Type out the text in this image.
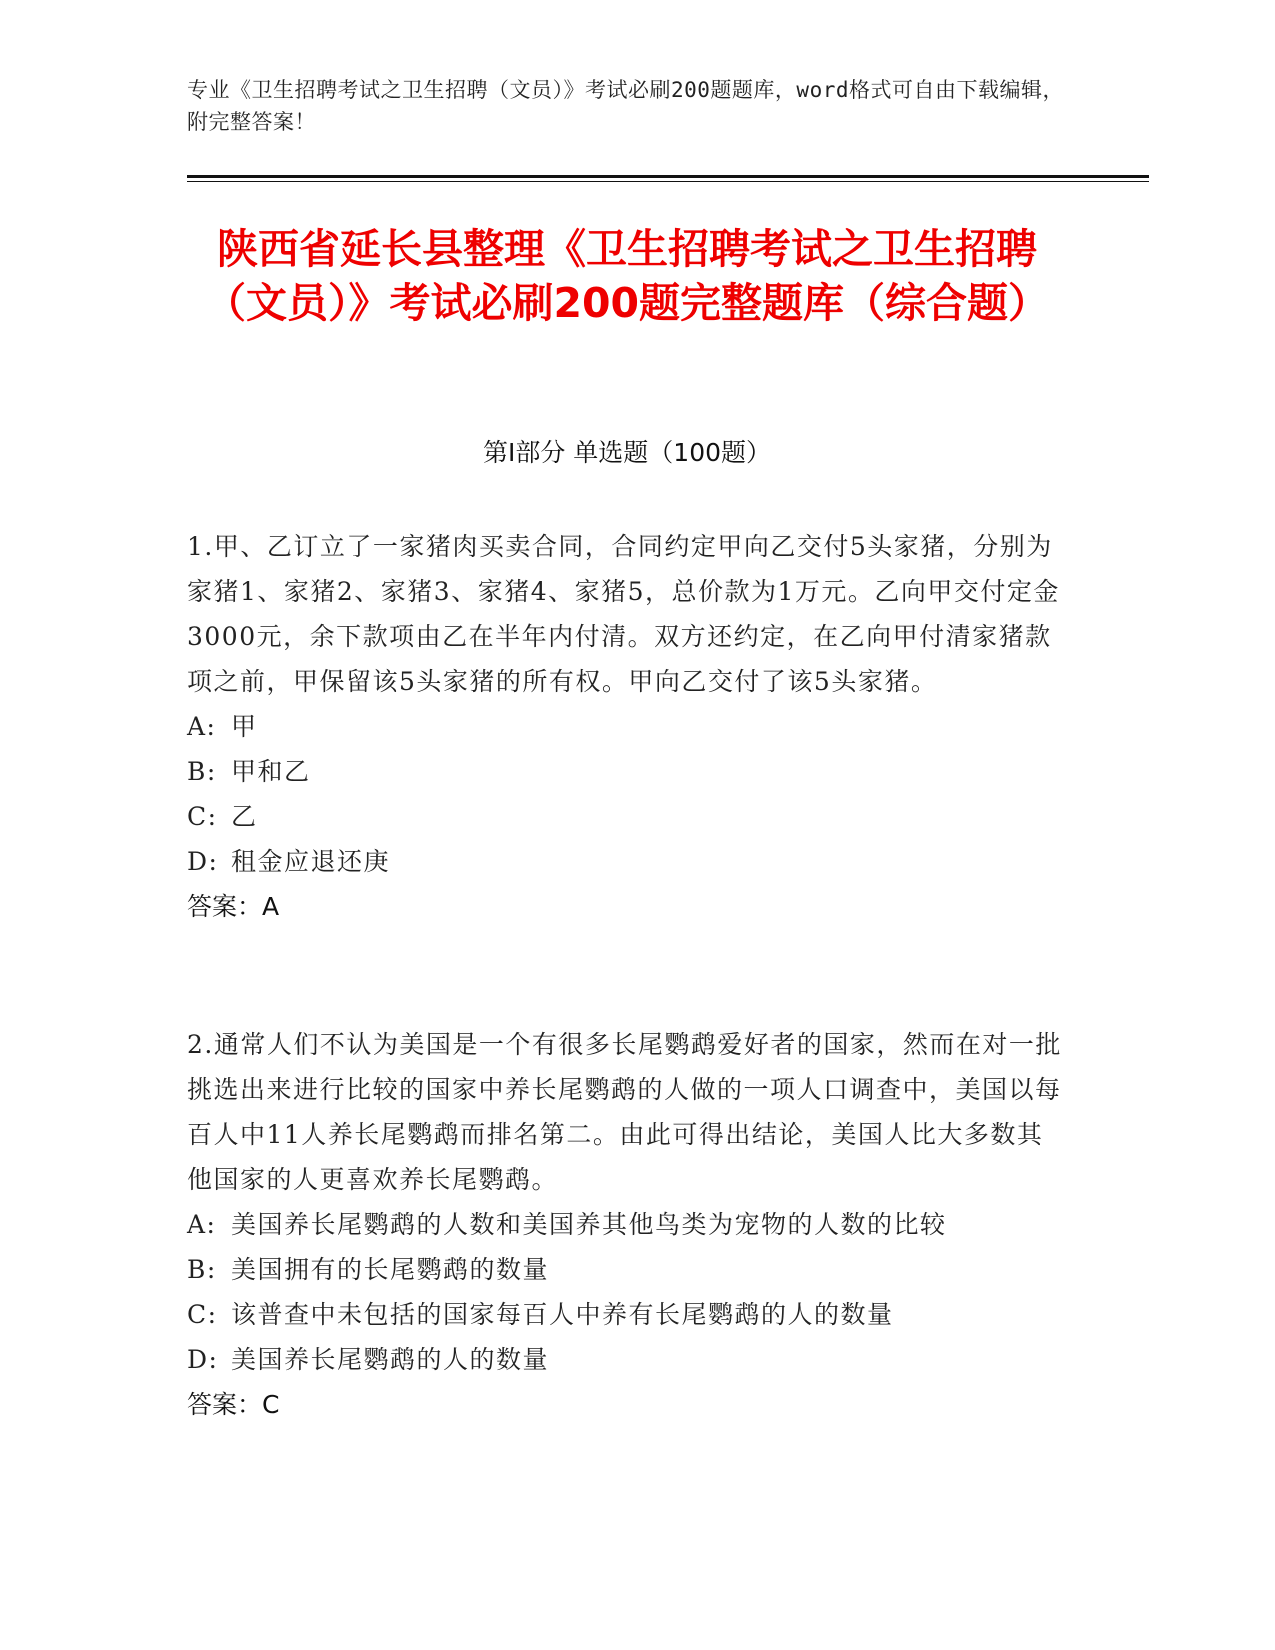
专业《卫生招聘考试之卫生招聘（文员）》考试必刷200题题库，word格式可自由下载编辑，附完整答案！
陕西省延长县整理《卫生招聘考试之卫生招聘（文员）》考试必刷200题完整题库（综合题）
第I部分 单选题（100题）

1.甲、乙订立了一家猪肉买卖合同，合同约定甲向乙交付5头家猪，分别为家猪1、家猪2、家猪3、家猪4、家猪5，总价款为1万元。乙向甲交付定金3000元，余下款项由乙在半年内付清。双方还约定，在乙向甲付清家猪款项之前，甲保留该5头家猪的所有权。甲向乙交付了该5头家猪。

A: 甲
B: 甲和乙
C: 乙
D: 租金应退还庚
答案：A

2.通常人们不认为美国是一个有很多长尾鹦鹉爱好者的国家，然而在对一批挑选出来进行比较的国家中养长尾鹦鹉的人做的一项人口调查中，美国以每百人中11人养长尾鹦鹉而排名第二。由此可得出结论，美国人比大多数其他国家的人更喜欢养长尾鹦鹉。

A: 美国养长尾鹦鹉的人数和美国养其他鸟类为宠物的人数的比较
B: 美国拥有的长尾鹦鹉的数量
C: 该普查中未包括的国家每百人中养有长尾鹦鹉的人的数量
D: 美国养长尾鹦鹉的人的数量
答案：C
